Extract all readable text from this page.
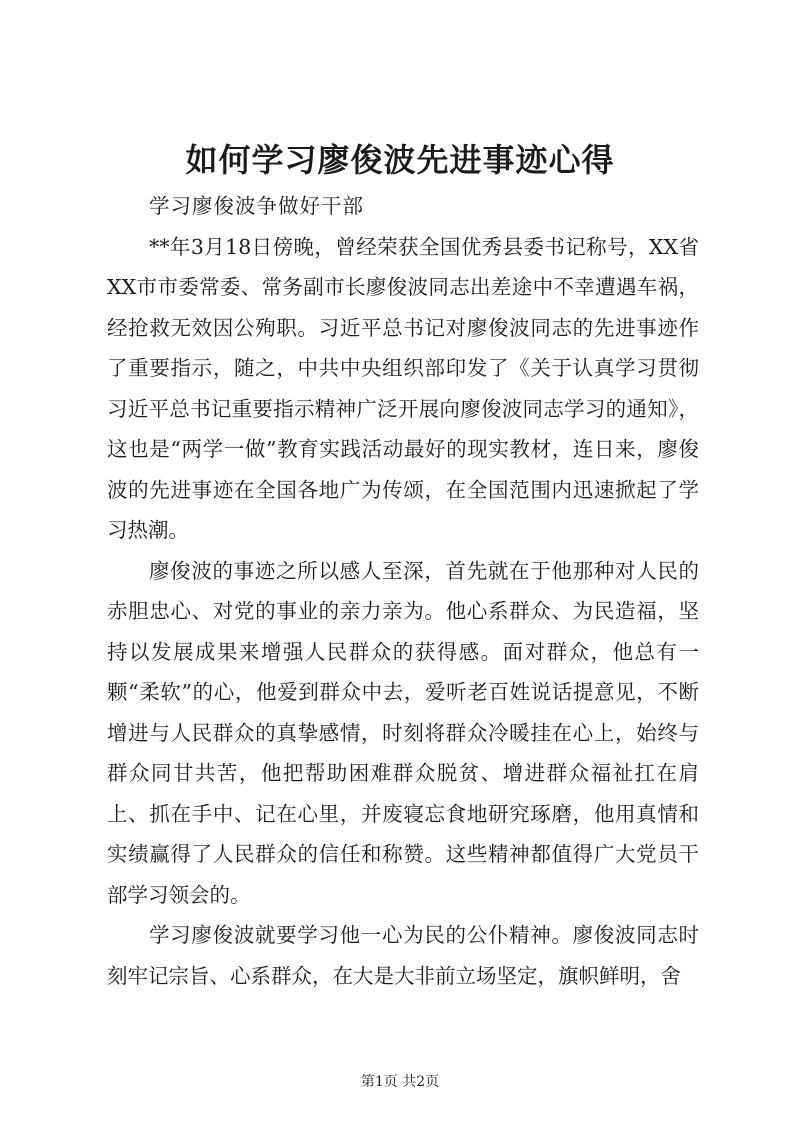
如何学习廖俊波先进事迹心得

学习廖俊波争做好干部

**年3月18日傍晚，曾经荣获全国优秀县委书记称号，XX省XX市市委常委、常务副市长廖俊波同志出差途中不幸遭遇车祸，经抢救无效因公殉职。习近平总书记对廖俊波同志的先进事迹作了重要指示，随之，中共中央组织部印发了《关于认真学习贯彻习近平总书记重要指示精神广泛开展向廖俊波同志学习的通知》，这也是“两学一做”教育实践活动最好的现实教材，连日来，廖俊波的先进事迹在全国各地广为传颂，在全国范围内迅速掀起了学习热潮。

廖俊波的事迹之所以感人至深，首先就在于他那种对人民的赤胆忠心、对党的事业的亲力亲为。他心系群众、为民造福，坚持以发展成果来增强人民群众的获得感。面对群众，他总有一颗“柔软”的心，他爱到群众中去，爱听老百姓说话提意见，不断增进与人民群众的真挚感情，时刻将群众冷暖挂在心上，始终与群众同甘共苦，他把帮助困难群众脱贫、增进群众福祉扛在肩上、抓在手中、记在心里，并废寝忘食地研究琢磨，他用真情和实绩赢得了人民群众的信任和称赞。这些精神都值得广大党员干部学习领会的。

学习廖俊波就要学习他一心为民的公仆精神。廖俊波同志时刻牢记宗旨、心系群众，在大是大非前立场坚定，旗帜鲜明，舍

第1页 共2页
